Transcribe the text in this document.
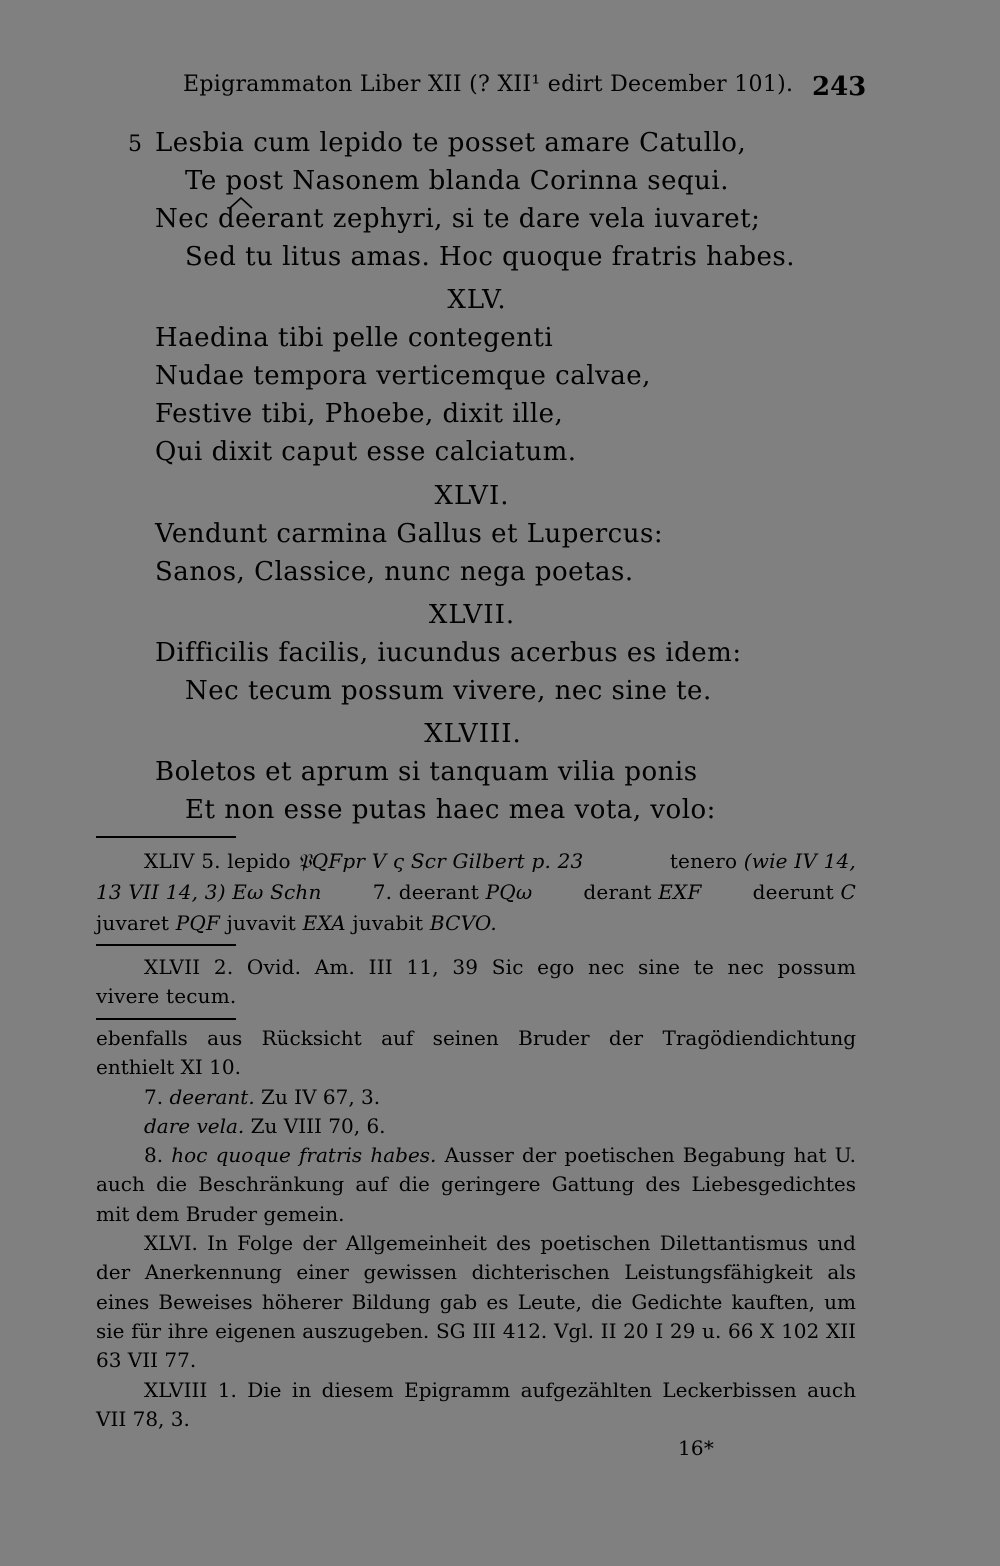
Epigrammaton Liber XII (? XII¹ edirt December 101). 243
5 Lesbia cum lepido te posset amare Catullo,
Te post Nasonem blanda Corinna sequi.
Nec deerant zephyri, si te dare vela iuvaret;
Sed tu litus amas. Hoc quoque fratris habes.
XLV.
Haedina tibi pelle contegenti
Nudae tempora verticemque calvae,
Festive tibi, Phoebe, dixit ille,
Qui dixit caput esse calciatum.
XLVI.
Vendunt carmina Gallus et Lupercus:
Sanos, Classice, nunc nega poetas.
XLVII.
Difficilis facilis, iucundus acerbus es idem:
Nec tecum possum vivere, nec sine te.
XLVIII.
Boletos et aprum si tanquam vilia ponis
Et non esse putas haec mea vota, volo:
XLIV 5. lepido 𝔓QFpr V ς Scr Gilbert p. 23	tenero (wie IV 14,
13 VII 14, 3) Eω Schn	7. deerant PQω	derant EXF	deerunt C
juvaret PQF juvavit EXA juvabit BCVO.
XLVII 2. Ovid. Am. III 11, 39 Sic ego nec sine te nec possum
vivere tecum.

ebenfalls aus Rücksicht auf seinen Bruder der Tragödiendichtung

enthielt XI 10.

7. deerant. Zu IV 67, 3.

dare vela. Zu VIII 70, 6.

8. hoc quoque fratris habes. Ausser der poetischen Begabung hat U. auch die Beschränkung auf die geringere Gattung des Liebesgedichtes mit dem Bruder gemein.

XLVI. In Folge der Allgemeinheit des poetischen Dilettantismus und der Anerkennung einer gewissen dichterischen Leistungsfähigkeit als eines Beweises höherer Bildung gab es Leute, die Gedichte kauften, um sie für ihre eigenen auszugeben. SG III 412. Vgl. II 20 I 29 u. 66 X 102 XII 63 VII 77.

XLVIII 1. Die in diesem Epigramm aufgezählten Leckerbissen auch VII 78, 3.

16*
